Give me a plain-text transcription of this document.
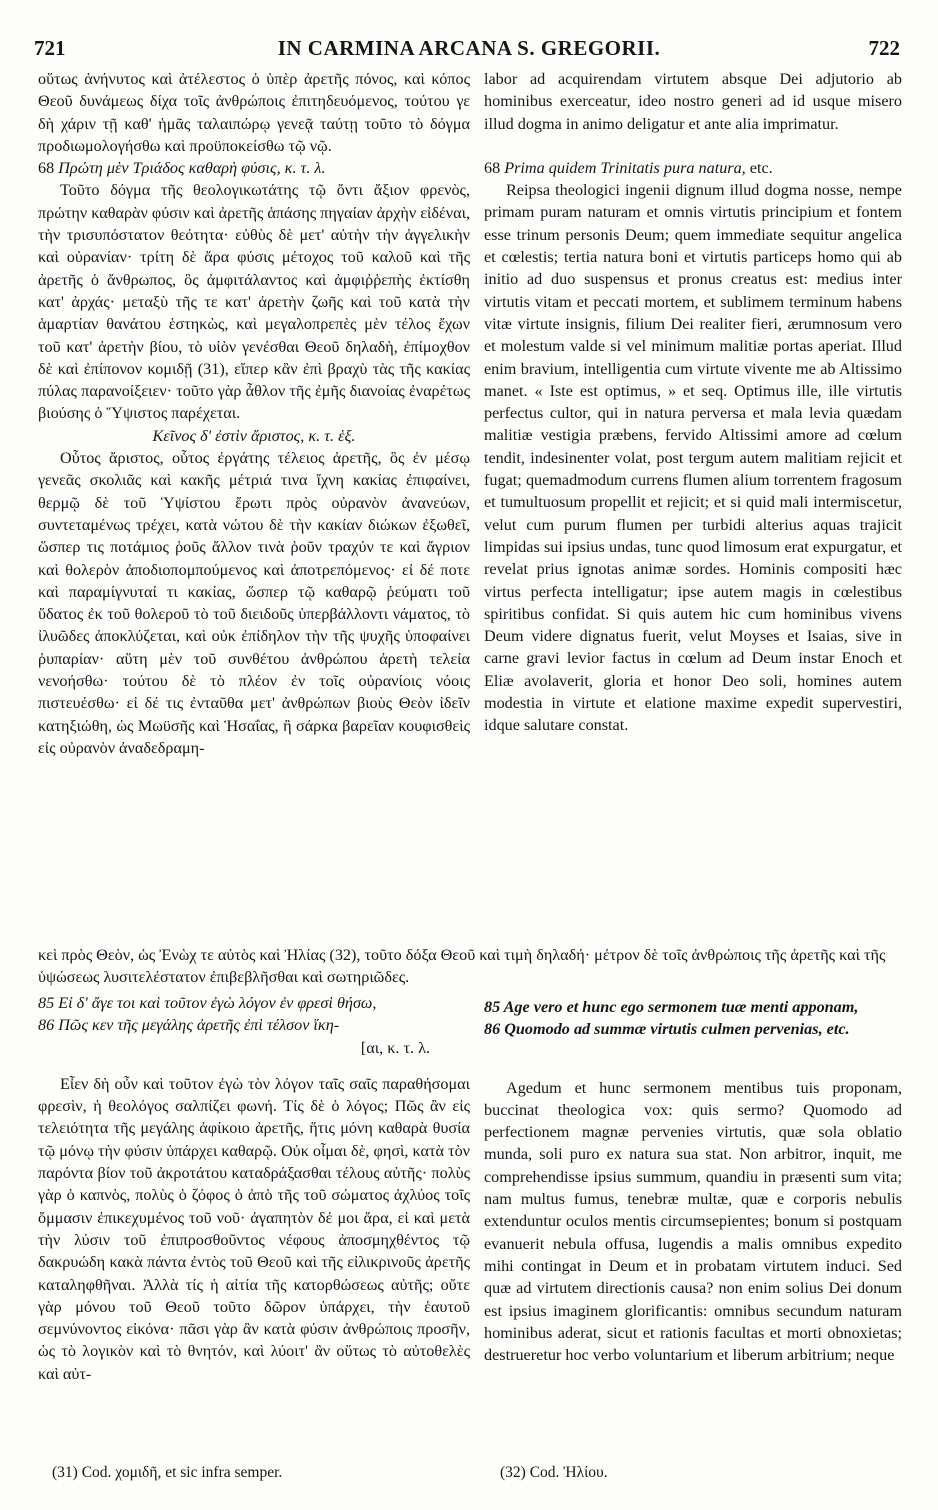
721	IN CARMINA ARCANA S. GREGORII.	722

οὕτως ἀνήνυτος καὶ ἀτέλεστος ὁ ὑπὲρ ἀρετῆς πόνος, καὶ κόπος Θεοῦ δυνάμεως δίχα τοῖς ἀνθρώποις ἐπιτηδευόμενος, τούτου γε δὴ χάριν τῇ καθ' ἡμᾶς ταλαιπώρῳ γενεᾷ ταύτῃ τοῦτο τὸ δόγμα προδιωμολογήσθω καὶ προϋποκείσθω τῷ νῷ.

68 Πρώτη μὲν Τριάδος καθαρὴ φύσις, κ. τ. λ.

Τοῦτο δόγμα τῆς θεολογικωτάτης τῷ ὄντι ἄξιον φρενὸς, πρώτην καθαρὰν φύσιν καὶ ἀρετῆς ἁπάσης πηγαίαν ἀρχὴν εἰδέναι, τὴν τρισυπόστατον θεότητα· εὐθὺς δὲ μετ' αὐτὴν τὴν ἀγγελικὴν καὶ οὐρανίαν· τρίτη δὲ ἄρα φύσις μέτοχος τοῦ καλοῦ καὶ τῆς ἀρετῆς ὁ ἄνθρωπος, ὃς ἀμφιτάλαντος καὶ ἀμφιῤῥεπὴς ἐκτίσθη κατ' ἀρχάς· μεταξὺ τῆς τε κατ' ἀρετὴν ζωῆς καὶ τοῦ κατὰ τὴν ἁμαρτίαν θανάτου ἑστηκὼς, καὶ μεγαλοπρεπὲς μὲν τέλος ἔχων τοῦ κατ' ἀρετὴν βίου, τὸ υἱὸν γενέσθαι Θεοῦ δηλαδὴ, ἐπίμοχθον δὲ καὶ ἐπίπονον κομιδῇ (31), εἴπερ κἂν ἐπὶ βραχὺ τὰς τῆς κακίας πύλας παρανοίξειεν· τοῦτο γὰρ ἆθλον τῆς ἐμῆς διανοίας ἐναρέτως βιούσης ὁ Ὕψιστος παρέχεται.

Κεῖνος δ' ἐστὶν ἄριστος, κ. τ. ἑξ.

Οὗτος ἄριστος, οὗτος ἐργάτης τέλειος ἀρετῆς, ὃς ἐν μέσῳ γενεᾶς σκολιᾶς καὶ κακῆς μέτριά τινα ἴχνη κακίας ἐπιφαίνει, θερμῷ δὲ τοῦ Ὑψίστου ἔρωτι πρὸς οὐρανὸν ἀνανεύων, συντεταμένως τρέχει, κατὰ νώτου δὲ τὴν κακίαν διώκων ἐξωθεῖ, ὥσπερ τις ποτάμιος ῥοῦς ἄλλον τινὰ ῥοῦν τραχύν τε καὶ ἄγριον καὶ θολερὸν ἀποδιοπομπούμενος καὶ ἀποτρεπόμενος· εἰ δέ ποτε καὶ παραμίγνυταί τι κακίας, ὥσπερ τῷ καθαρῷ ῥεύματι τοῦ ὕδατος ἐκ τοῦ θολεροῦ τὸ τοῦ διειδοῦς ὑπερβάλλοντι νάματος, τὸ ἰλυῶδες ἀποκλύζεται, καὶ οὐκ ἐπίδηλον τὴν τῆς ψυχῆς ὑποφαίνει ῥυπαρίαν· αὕτη μὲν τοῦ συνθέτου ἀνθρώπου ἀρετὴ τελεία νενοήσθω· τούτου δὲ τὸ πλέον ἐν τοῖς οὐρανίοις νόοις πιστευέσθω· εἰ δέ τις ἐνταῦθα μετ' ἀνθρώπων βιοὺς Θεὸν ἰδεῖν κατηξιώθη, ὡς Μωϋσῆς καὶ Ἡσαΐας, ἢ σάρκα βαρεῖαν κουφισθεὶς εἰς οὐρανὸν ἀναδεδραμη-

labor ad acquirendam virtutem absque Dei adjutorio ab hominibus exerceatur, ideo nostro generi ad id usque misero illud dogma in animo deligatur et ante alia imprimatur.

68 Prima quidem Trinitatis pura natura, etc.

Reipsa theologici ingenii dignum illud dogma nosse, nempe primam puram naturam et omnis virtutis principium et fontem esse trinum personis Deum; quem immediate sequitur angelica et cœlestis; tertia natura boni et virtutis particeps homo qui ab initio ad duo suspensus et pronus creatus est: medius inter virtutis vitam et peccati mortem, et sublimem terminum habens vitæ virtute insignis, filium Dei realiter fieri, ærumnosum vero et molestum valde si vel minimum malitiæ portas aperiat. Illud enim bravium, intelligentia cum virtute vivente me ab Altissimo manet. « Iste est optimus, » et seq. Optimus ille, ille virtutis perfectus cultor, qui in natura perversa et mala levia quædam malitiæ vestigia præbens, fervido Altissimi amore ad cœlum tendit, indesinenter volat, post tergum autem malitiam rejicit et fugat; quemadmodum currens flumen alium torrentem fragosum et tumultuosum propellit et rejicit; et si quid mali intermiscetur, velut cum purum flumen per turbidi alterius aquas trajicit limpidas sui ipsius undas, tunc quod limosum erat expurgatur, et revelat prius ignotas animæ sordes. Hominis compositi hæc virtus perfecta intelligatur; ipse autem magis in cœlestibus spiritibus confidat. Si quis autem hic cum hominibus vivens Deum videre dignatus fuerit, velut Moyses et Isaias, sive in carne gravi levior factus in cœlum ad Deum instar Enoch et Eliæ avolaverit, gloria et honor Deo soli, homines autem modestia in virtute et elatione maxime expedit supervestiri, idque salutare constat.

κεὶ πρὸς Θεὸν, ὡς Ἐνὼχ τε αὐτὸς καὶ Ἠλίας (32), τοῦτο δόξα Θεοῦ καὶ τιμὴ δηλαδή· μέτρον δὲ τοῖς ἀνθρώποις τῆς ἀρετῆς καὶ τῆς ὑψώσεως λυσιτελέστατον ἐπιβεβλῆσθαι καὶ σωτηριῶδες.

85 Εἰ δ' ἄγε τοι καὶ τοῦτον ἐγὼ λόγον ἐν φρεσὶ θήσω,

86 Πῶς κεν τῆς μεγάλης ἀρετῆς ἐπὶ τέλσον ἵκη-

[αι, κ. τ. λ.

Εἶεν δὴ οὖν καὶ τοῦτον ἐγὼ τὸν λόγον ταῖς σαῖς παραθήσομαι φρεσὶν, ἡ θεολόγος σαλπίζει φωνή. Τίς δὲ ὁ λόγος; Πῶς ἂν εἰς τελειότητα τῆς μεγάλης ἀφίκοιο ἀρετῆς, ἥτις μόνη καθαρὰ θυσία τῷ μόνῳ τὴν φύσιν ὑπάρχει καθαρῷ. Οὐκ οἶμαι δὲ, φησὶ, κατὰ τὸν παρόντα βίον τοῦ ἀκροτάτου καταδράξασθαι τέλους αὐτῆς· πολὺς γὰρ ὁ καπνὸς, πολὺς ὁ ζόφος ὁ ἀπὸ τῆς τοῦ σώματος ἀχλύος τοῖς ὄμμασιν ἐπικεχυμένος τοῦ νοῦ· ἀγαπητὸν δέ μοι ἄρα, εἰ καὶ μετὰ τὴν λύσιν τοῦ ἐπιπροσθοῦντος νέφους ἀποσμηχθέντος τῷ δακρυώδη κακὰ πάντα ἐντὸς τοῦ Θεοῦ καὶ τῆς εἰλικρινοῦς ἀρετῆς καταληφθῆναι. Ἀλλὰ τίς ἡ αἰτία τῆς κατορθώσεως αὐτῆς; οὔτε γὰρ μόνου τοῦ Θεοῦ τοῦτο δῶρον ὑπάρχει, τὴν ἑαυτοῦ σεμνύνοντος εἰκόνα· πᾶσι γὰρ ἂν κατὰ φύσιν ἀνθρώποις προσῆν, ὡς τὸ λογικὸν καὶ τὸ θνητόν, καὶ λύοιτ' ἂν οὕτως τὸ αὐτοθελὲς καὶ αὐτ-

85 Age vero et hunc ego sermonem tuæ menti apponam,

86 Quomodo ad summæ virtutis culmen pervenias, etc.

Agedum et hunc sermonem mentibus tuis proponam, buccinat theologica vox: quis sermo? Quomodo ad perfectionem magnæ pervenies virtutis, quæ sola oblatio munda, soli puro ex natura sua stat. Non arbitror, inquit, me comprehendisse ipsius summum, quandiu in præsenti sum vita; nam multus fumus, tenebræ multæ, quæ e corporis nebulis extenduntur oculos mentis circumsepientes; bonum si postquam evanuerit nebula offusa, lugendis a malis omnibus expedito mihi contingat in Deum et in probatam virtutem induci. Sed quæ ad virtutem directionis causa? non enim solius Dei donum est ipsius imaginem glorificantis: omnibus secundum naturam hominibus aderat, sicut et rationis facultas et morti obnoxietas; destrueretur hoc verbo voluntarium et liberum arbitrium; neque

(31) Cod. χομιδῆ, et sic infra semper.	(32) Cod. Ἠλίου.
